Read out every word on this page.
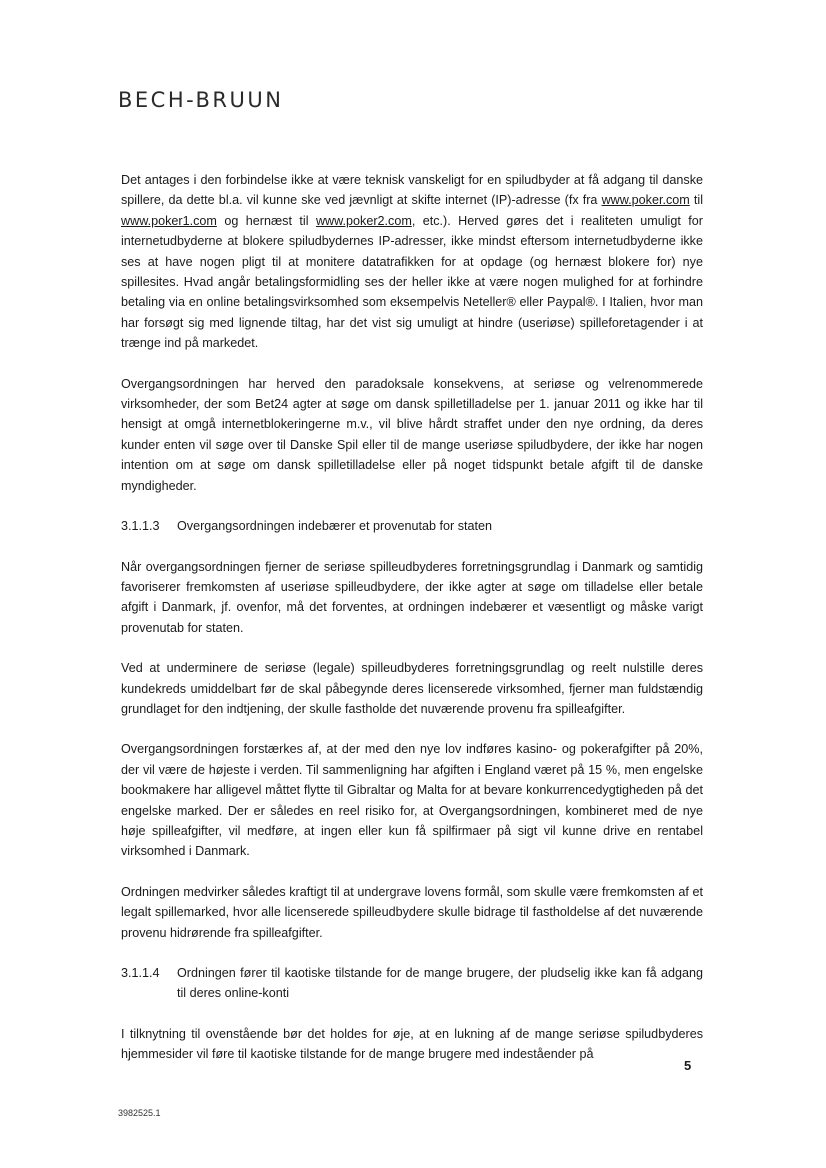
BECH-BRUUN

Det antages i den forbindelse ikke at være teknisk vanskeligt for en spiludbyder at få adgang til danske spillere, da dette bl.a. vil kunne ske ved jævnligt at skifte internet (IP)-adresse (fx fra www.poker.com til www.poker1.com og hernæst til www.poker2.com, etc.). Herved gøres det i realiteten umuligt for internetudbyderne at blokere spiludbydernes IP-adresser, ikke mindst eftersom internetudbyderne ikke ses at have nogen pligt til at monitere datatrafikken for at opdage (og hernæst blokere for) nye spillesites. Hvad angår betalingsformidling ses der heller ikke at være nogen mulighed for at forhindre betaling via en online betalingsvirksomhed som eksempelvis Neteller® eller Paypal®. I Italien, hvor man har forsøgt sig med lignende tiltag, har det vist sig umuligt at hindre (useriøse) spilleforetagender i at trænge ind på markedet.

Overgangsordningen har herved den paradoksale konsekvens, at seriøse og velrenommerede virksomheder, der som Bet24 agter at søge om dansk spilletilladelse per 1. januar 2011 og ikke har til hensigt at omgå internetblokeringerne m.v., vil blive hårdt straffet under den nye ordning, da deres kunder enten vil søge over til Danske Spil eller til de mange useriøse spiludbydere, der ikke har nogen intention om at søge om dansk spilletilladelse eller på noget tidspunkt betale afgift til de danske myndigheder.

3.1.1.3	Overgangsordningen indebærer et provenutab for staten

Når overgangsordningen fjerner de seriøse spilleudbyderes forretningsgrundlag i Danmark og samtidig favoriserer fremkomsten af useriøse spilleudbydere, der ikke agter at søge om tilladelse eller betale afgift i Danmark, jf. ovenfor, må det forventes, at ordningen indebærer et væsentligt og måske varigt provenutab for staten.

Ved at underminere de seriøse (legale) spilleudbyderes forretningsgrundlag og reelt nulstille deres kundekreds umiddelbart før de skal påbegynde deres licenserede virksomhed, fjerner man fuldstændig grundlaget for den indtjening, der skulle fastholde det nuværende provenu fra spilleafgifter.

Overgangsordningen forstærkes af, at der med den nye lov indføres kasino- og pokerafgifter på 20%, der vil være de højeste i verden. Til sammenligning har afgiften i England været på 15 %, men engelske bookmakere har alligevel måttet flytte til Gibraltar og Malta for at bevare konkurrencedygtigheden på det engelske marked. Der er således en reel risiko for, at Overgangsordningen, kombineret med de nye høje spilleafgifter, vil medføre, at ingen eller kun få spilfirmaer på sigt vil kunne drive en rentabel virksomhed i Danmark.

Ordningen medvirker således kraftigt til at undergrave lovens formål, som skulle være fremkomsten af et legalt spillemarked, hvor alle licenserede spilleudbydere skulle bidrage til fastholdelse af det nuværende provenu hidrørende fra spilleafgifter.

3.1.1.4	Ordningen fører til kaotiske tilstande for de mange brugere, der pludselig ikke kan få adgang til deres online-konti

I tilknytning til ovenstående bør det holdes for øje, at en lukning af de mange seriøse spiludbyderes hjemmesider vil føre til kaotiske tilstande for de mange brugere med indeståender på

5
3982525.1
